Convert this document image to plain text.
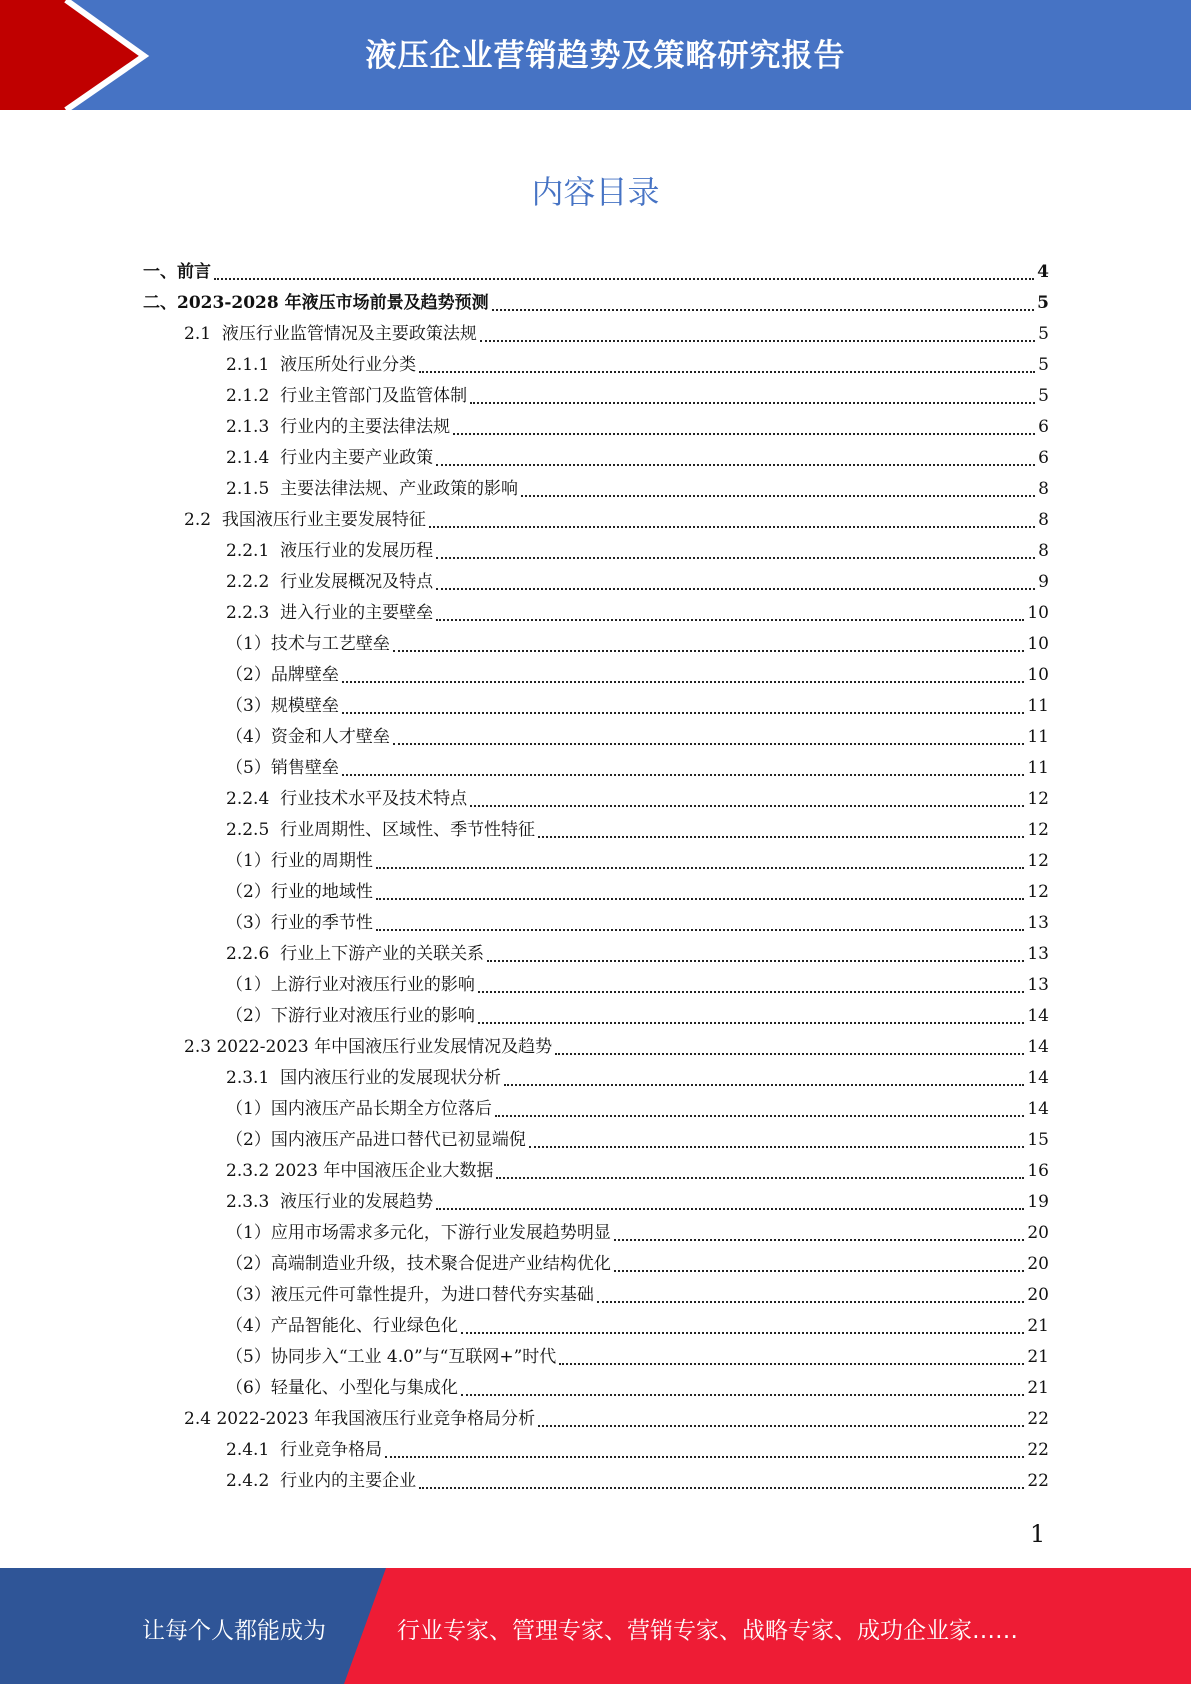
液压企业营销趋势及策略研究报告
内容目录
一、前言	4
二、2023-2028 年液压市场前景及趋势预测	5
2.1  液压行业监管情况及主要政策法规	5
2.1.1  液压所处行业分类	5
2.1.2  行业主管部门及监管体制	5
2.1.3  行业内的主要法律法规	6
2.1.4  行业内主要产业政策	6
2.1.5  主要法律法规、产业政策的影响	8
2.2  我国液压行业主要发展特征	8
2.2.1  液压行业的发展历程	8
2.2.2  行业发展概况及特点	9
2.2.3  进入行业的主要壁垒	10
（1）技术与工艺壁垒	10
（2）品牌壁垒	10
（3）规模壁垒	11
（4）资金和人才壁垒	11
（5）销售壁垒	11
2.2.4  行业技术水平及技术特点	12
2.2.5  行业周期性、区域性、季节性特征	12
（1）行业的周期性	12
（2）行业的地域性	12
（3）行业的季节性	13
2.2.6  行业上下游产业的关联关系	13
（1）上游行业对液压行业的影响	13
（2）下游行业对液压行业的影响	14
2.3 2022-2023 年中国液压行业发展情况及趋势	14
2.3.1  国内液压行业的发展现状分析	14
（1）国内液压产品长期全方位落后	14
（2）国内液压产品进口替代已初显端倪	15
2.3.2 2023 年中国液压企业大数据	16
2.3.3  液压行业的发展趋势	19
（1）应用市场需求多元化，下游行业发展趋势明显	20
（2）高端制造业升级，技术聚合促进产业结构优化	20
（3）液压元件可靠性提升，为进口替代夯实基础	20
（4）产品智能化、行业绿色化	21
（5）协同步入“工业 4.0”与“互联网+”时代	21
（6）轻量化、小型化与集成化	21
2.4 2022-2023 年我国液压行业竞争格局分析	22
2.4.1  行业竞争格局	22
2.4.2  行业内的主要企业	22
1
让每个人都能成为	行业专家、管理专家、营销专家、战略专家、成功企业家……
